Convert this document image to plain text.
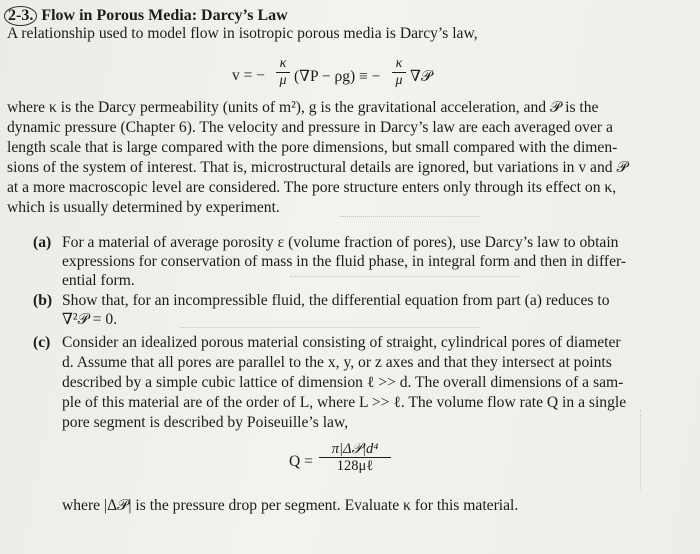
2-3. Flow in Porous Media: Darcy’s Law
A relationship used to model flow in isotropic porous media is Darcy’s law,
v = −
κ
μ (∇P − ρg) ≡ −
κ
μ ∇𝒫
where κ is the Darcy permeability (units of m²), g is the gravitational acceleration, and 𝒫 is the
dynamic pressure (Chapter 6). The velocity and pressure in Darcy’s law are each averaged over a
length scale that is large compared with the pore dimensions, but small compared with the dimen-
sions of the system of interest. That is, microstructural details are ignored, but variations in v and 𝒫
at a more macroscopic level are considered. The pore structure enters only through its effect on κ,
which is usually determined by experiment.
(a) For a material of average porosity ε (volume fraction of pores), use Darcy’s law to obtain
expressions for conservation of mass in the fluid phase, in integral form and then in differ-
ential form.
(b) Show that, for an incompressible fluid, the differential equation from part (a) reduces to
∇²𝒫 = 0.
(c) Consider an idealized porous material consisting of straight, cylindrical pores of diameter
d. Assume that all pores are parallel to the x, y, or z axes and that they intersect at points
described by a simple cubic lattice of dimension ℓ >> d. The overall dimensions of a sam-
ple of this material are of the order of L, where L >> ℓ. The volume flow rate Q in a single
pore segment is described by Poiseuille’s law,
Q =
π|Δ𝒫|d⁴
128μℓ
where |Δ𝒫| is the pressure drop per segment. Evaluate κ for this material.
